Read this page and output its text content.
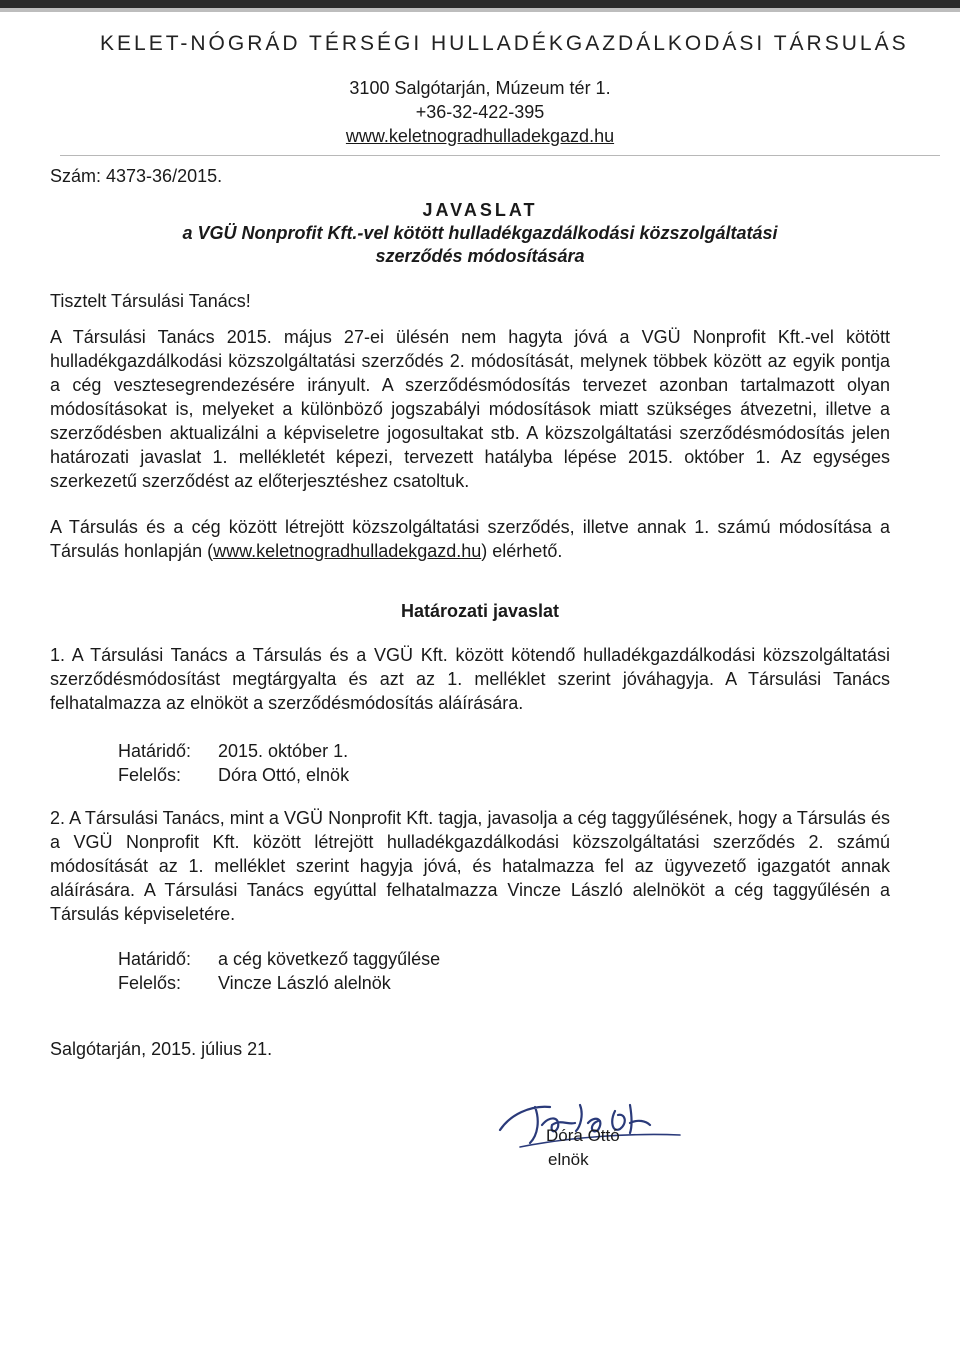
KELET-NÓGRÁD TÉRSÉGI HULLADÉKGAZDÁLKODÁSI TÁRSULÁS
3100 Salgótarján, Múzeum tér 1.
+36-32-422-395
www.keletnogradhulladekgazd.hu
Szám: 4373-36/2015.
JAVASLAT
a VGÜ Nonprofit Kft.-vel kötött hulladékgazdálkodási közszolgáltatási
szerződés módosítására
Tisztelt Társulási Tanács!
A Társulási Tanács 2015. május 27-ei ülésén nem hagyta jóvá a VGÜ Nonprofit Kft.-vel kötött hulladékgazdálkodási közszolgáltatási szerződés 2. módosítását, melynek többek között az egyik pontja a cég vesztesegrendezésére irányult. A szerződésmódosítás tervezet azonban tartalmazott olyan módosításokat is, melyeket a különböző jogszabályi módosítások miatt szükséges átvezetni, illetve a szerződésben aktualizálni a képviseletre jogosultakat stb. A közszolgáltatási szerződésmódosítás jelen határozati javaslat 1. mellékletét képezi, tervezett hatályba lépése 2015. október 1. Az egységes szerkezetű szerződést az előterjesztéshez csatoltuk.
A Társulás és a cég között létrejött közszolgáltatási szerződés, illetve annak 1. számú módosítása a Társulás honlapján (www.keletnogradhulladekgazd.hu) elérhető.
Határozati javaslat
1. A Társulási Tanács a Társulás és a VGÜ Kft. között kötendő hulladékgazdálkodási közszolgáltatási szerződésmódosítást megtárgyalta és azt az 1. melléklet szerint jóváhagyja. A Társulási Tanács felhatalmazza az elnököt a szerződésmódosítás aláírására.
Határidő: 2015. október 1.
Felelős: Dóra Ottó, elnök
2. A Társulási Tanács, mint a VGÜ Nonprofit Kft. tagja, javasolja a cég taggyűlésének, hogy a Társulás és a VGÜ Nonprofit Kft. között létrejött hulladékgazdálkodási közszolgáltatási szerződés 2. számú módosítását az 1. melléklet szerint hagyja jóvá, és hatalmazza fel az ügyvezető igazgatót annak aláírására. A Társulási Tanács egyúttal felhatalmazza Vincze László alelnököt a cég taggyűlésén a Társulás képviseletére.
Határidő: a cég következő taggyűlése
Felelős: Vincze László alelnök
Salgótarján, 2015. július 21.
Dóra Ottó
elnök
